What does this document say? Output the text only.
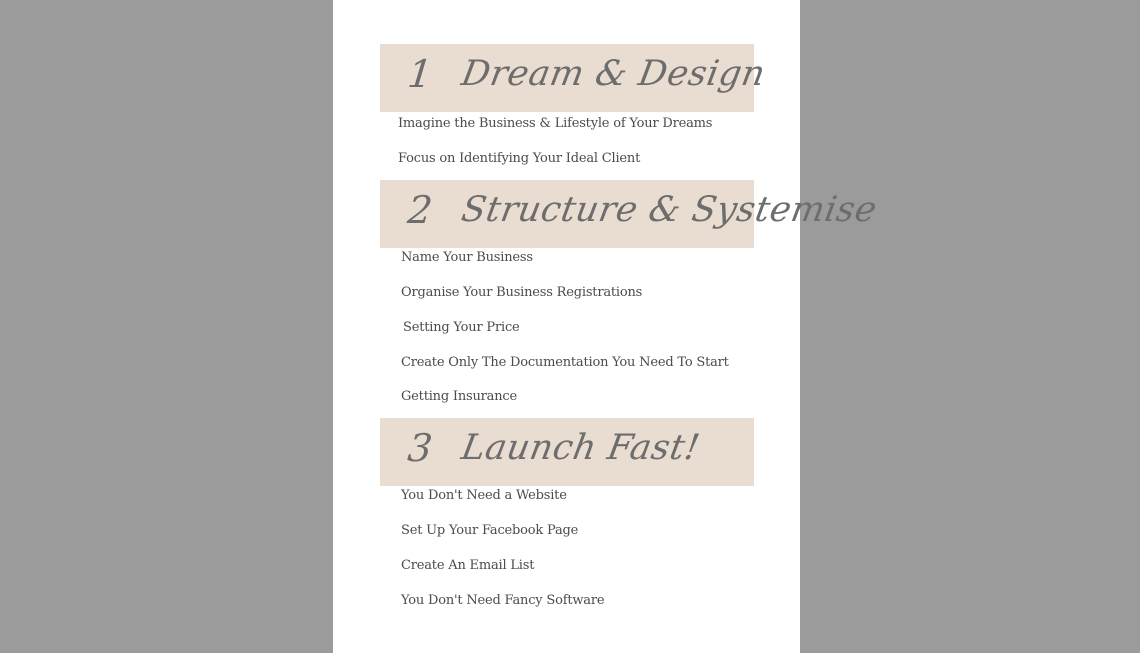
1 Dream & Design
Imagine the Business & Lifestyle of Your Dreams
Focus on Identifying Your Ideal Client
2 Structure & Systemise
Name Your Business
Organise Your Business Registrations
Setting Your Price
Create Only The Documentation You Need To Start
Getting Insurance
3 Launch Fast!
You Don't Need a Website
Set Up Your Facebook Page
Create An Email List
You Don't Need Fancy Software
